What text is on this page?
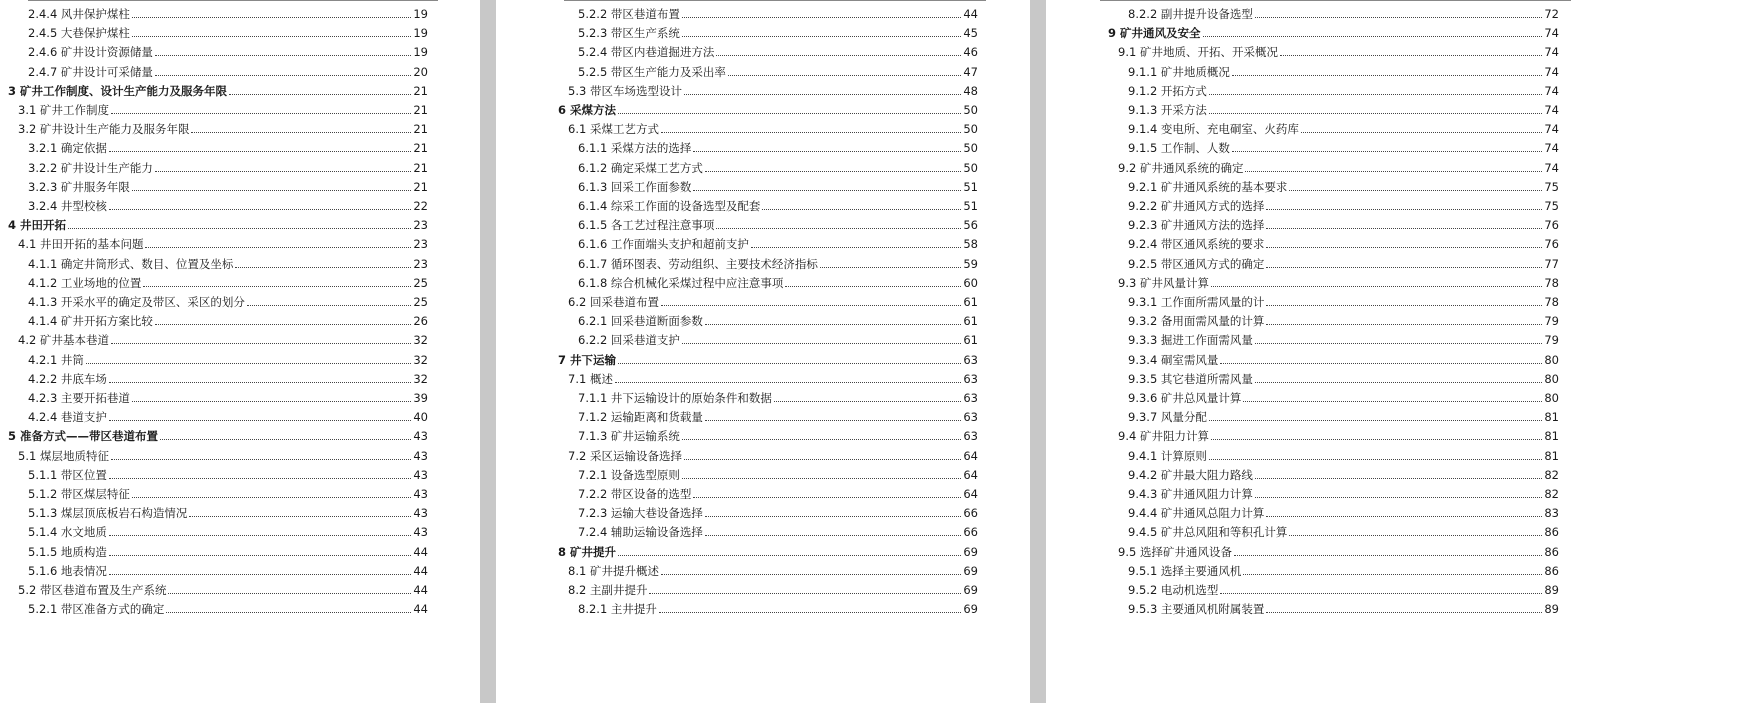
2.4.4 风井保护煤柱	19
2.4.5 大巷保护煤柱	19
2.4.6 矿井设计资源储量	19
2.4.7 矿井设计可采储量	20
3 矿井工作制度、设计生产能力及服务年限	21
3.1 矿井工作制度	21
3.2 矿井设计生产能力及服务年限	21
3.2.1 确定依据	21
3.2.2 矿井设计生产能力	21
3.2.3 矿井服务年限	21
3.2.4 井型校核	22
4 井田开拓	23
4.1 井田开拓的基本问题	23
4.1.1 确定井筒形式、数目、位置及坐标	23
4.1.2 工业场地的位置	25
4.1.3 开采水平的确定及带区、采区的划分	25
4.1.4 矿井开拓方案比较	26
4.2 矿井基本巷道	32
4.2.1 井筒	32
4.2.2 井底车场	32
4.2.3 主要开拓巷道	39
4.2.4 巷道支护	40
5 准备方式——带区巷道布置	43
5.1 煤层地质特征	43
5.1.1 带区位置	43
5.1.2 带区煤层特征	43
5.1.3 煤层顶底板岩石构造情况	43
5.1.4 水文地质	43
5.1.5 地质构造	44
5.1.6 地表情况	44
5.2 带区巷道布置及生产系统	44
5.2.1 带区准备方式的确定	44
5.2.2 带区巷道布置	44
5.2.3 带区生产系统	45
5.2.4 带区内巷道掘进方法	46
5.2.5 带区生产能力及采出率	47
5.3 带区车场选型设计	48
6 采煤方法	50
6.1 采煤工艺方式	50
6.1.1 采煤方法的选择	50
6.1.2 确定采煤工艺方式	50
6.1.3 回采工作面参数	51
6.1.4 综采工作面的设备选型及配套	51
6.1.5 各工艺过程注意事项	56
6.1.6 工作面端头支护和超前支护	58
6.1.7 循环图表、劳动组织、主要技术经济指标	59
6.1.8 综合机械化采煤过程中应注意事项	60
6.2 回采巷道布置	61
6.2.1 回采巷道断面参数	61
6.2.2 回采巷道支护	61
7 井下运输	63
7.1 概述	63
7.1.1 井下运输设计的原始条件和数据	63
7.1.2 运输距离和货载量	63
7.1.3 矿井运输系统	63
7.2 采区运输设备选择	64
7.2.1 设备选型原则	64
7.2.2 带区设备的选型	64
7.2.3 运输大巷设备选择	66
7.2.4 辅助运输设备选择	66
8 矿井提升	69
8.1 矿井提升概述	69
8.2 主副井提升	69
8.2.1 主井提升	69
8.2.2 副井提升设备选型	72
9 矿井通风及安全	74
9.1 矿井地质、开拓、开采概况	74
9.1.1 矿井地质概况	74
9.1.2 开拓方式	74
9.1.3 开采方法	74
9.1.4 变电所、充电硐室、火药库	74
9.1.5 工作制、人数	74
9.2 矿井通风系统的确定	74
9.2.1 矿井通风系统的基本要求	75
9.2.2 矿井通风方式的选择	75
9.2.3 矿井通风方法的选择	76
9.2.4 带区通风系统的要求	76
9.2.5 带区通风方式的确定	77
9.3 矿井风量计算	78
9.3.1 工作面所需风量的计	78
9.3.2 备用面需风量的计算	79
9.3.3 掘进工作面需风量	79
9.3.4 硐室需风量	80
9.3.5 其它巷道所需风量	80
9.3.6 矿井总风量计算	80
9.3.7 风量分配	81
9.4 矿井阻力计算	81
9.4.1 计算原则	81
9.4.2 矿井最大阻力路线	82
9.4.3 矿井通风阻力计算	82
9.4.4 矿井通风总阻力计算	83
9.4.5 矿井总风阻和等积孔计算	86
9.5 选择矿井通风设备	86
9.5.1 选择主要通风机	86
9.5.2 电动机选型	89
9.5.3 主要通风机附属装置	89
